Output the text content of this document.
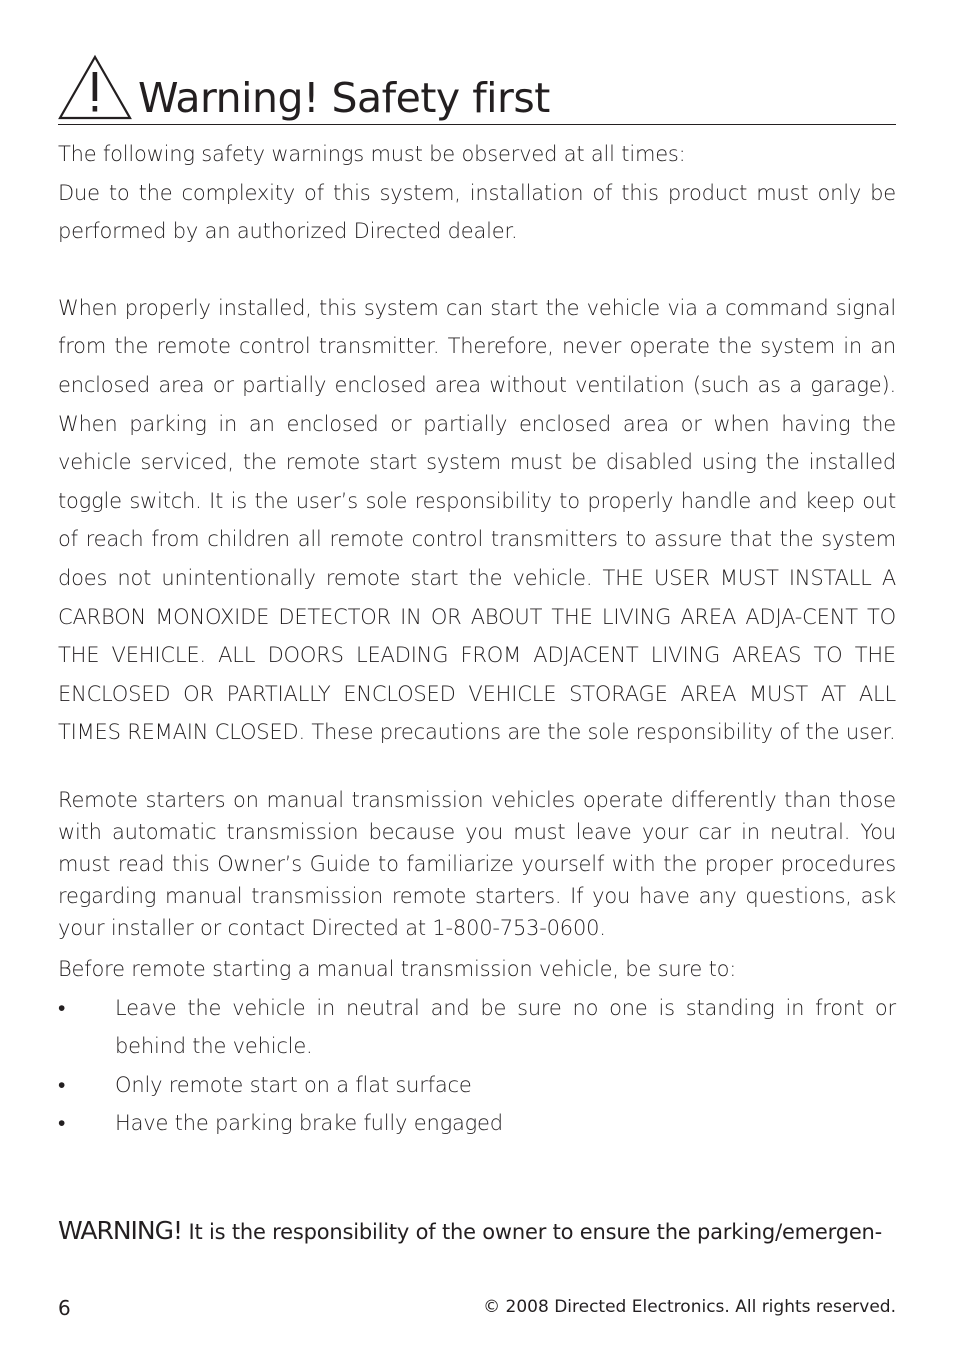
Warning! Safety first

The following safety warnings must be observed at all times:

Due to the complexity of this system, installation of this product must only be performed by an authorized Directed dealer.

When properly installed, this system can start the vehicle via a command signal from the remote control transmitter. Therefore, never operate the system in an enclosed area or partially enclosed area without ventilation (such as a garage). When parking in an enclosed or partially enclosed area or when having the vehicle serviced, the remote start system must be disabled using the installed toggle switch. It is the user’s sole responsibility to properly handle and keep out of reach from children all remote control transmitters to assure that the system does not unintentionally remote start the vehicle. THE USER MUST INSTALL A CARBON MONOXIDE DETECTOR IN OR ABOUT THE LIVING AREA ADJA-CENT TO THE VEHICLE. ALL DOORS LEADING FROM ADJACENT LIVING AREAS TO THE ENCLOSED OR PARTIALLY ENCLOSED VEHICLE STORAGE AREA MUST AT ALL TIMES REMAIN CLOSED. These precautions are the sole responsibility of the user.

Remote starters on manual transmission vehicles operate differently than those with automatic transmission because you must leave your car in neutral. You must read this Owner’s Guide to familiarize yourself with the proper procedures regarding manual transmission remote starters. If you have any questions, ask your installer or contact Directed at 1-800-753-0600.

Before remote starting a manual transmission vehicle, be sure to:

• Leave the vehicle in neutral and be sure no one is standing in front or behind the vehicle.
• Only remote start on a flat surface
• Have the parking brake fully engaged
WARNING! It is the responsibility of the owner to ensure the parking/emergen-
6	© 2008 Directed Electronics. All rights reserved.
